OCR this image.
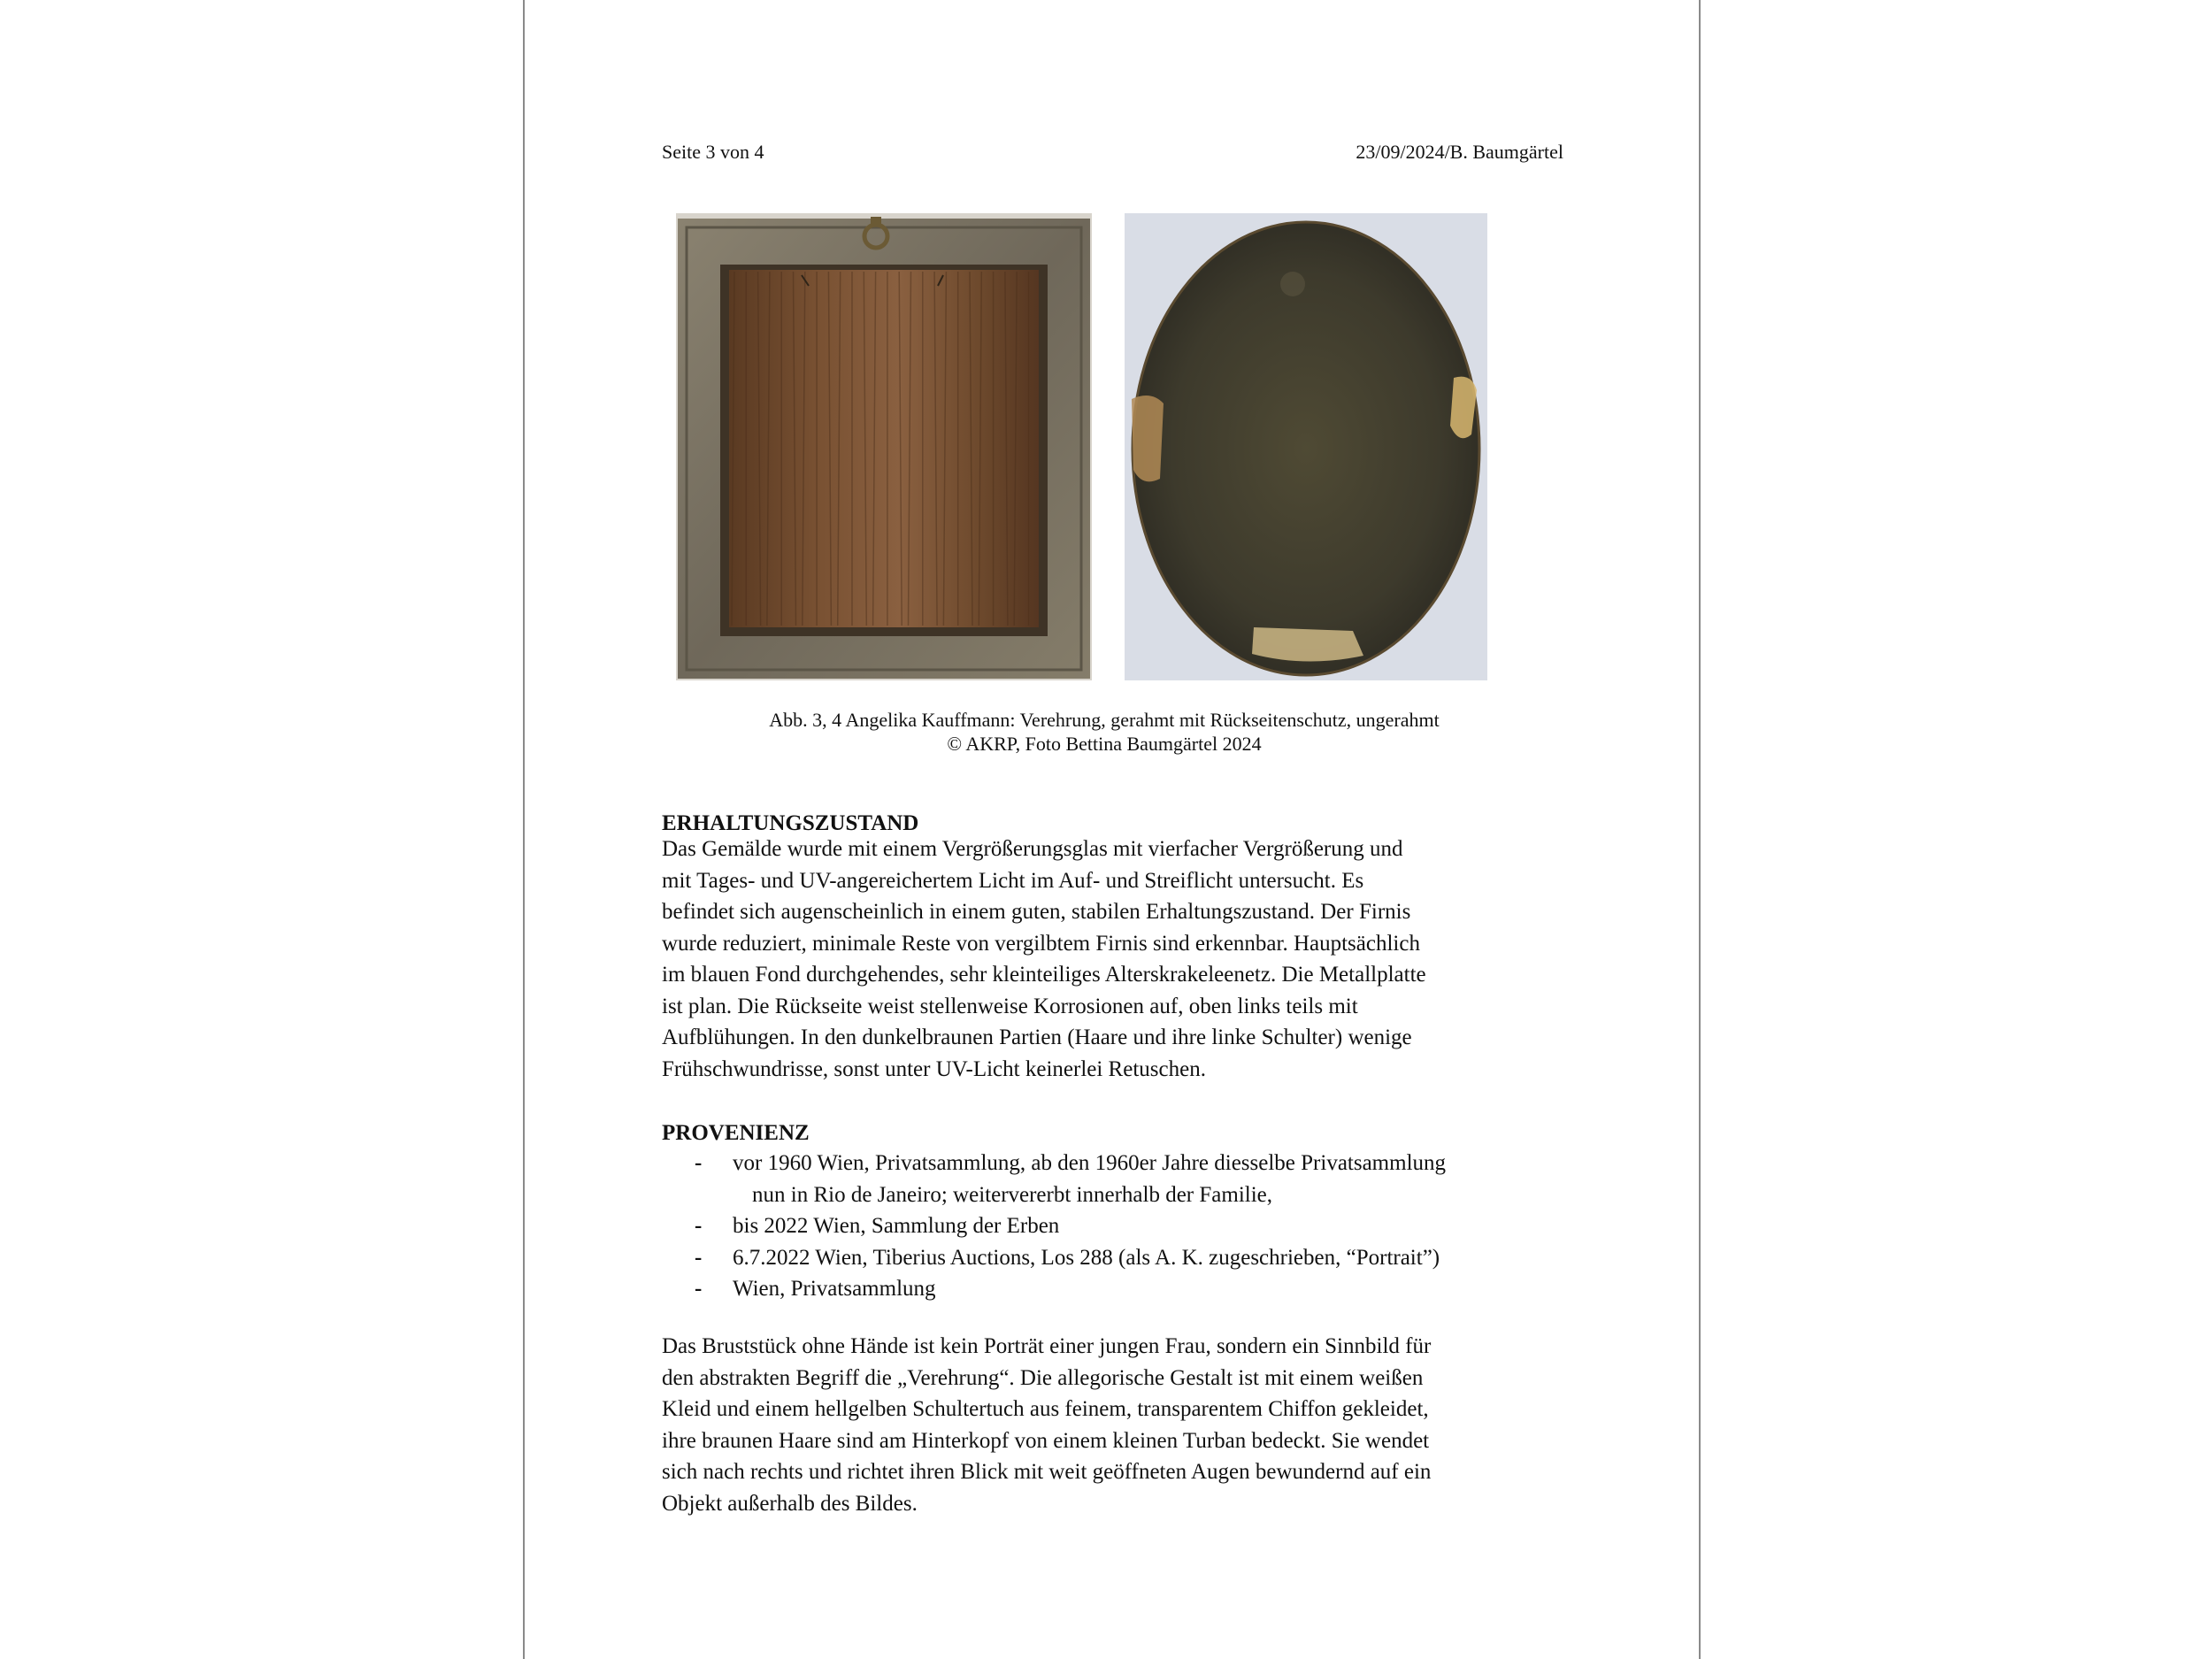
Seite 3 von 4	23/09/2024/B. Baumgärtel
Abb. 3, 4 Angelika Kauffmann: Verehrung, gerahmt mit Rückseitenschutz, ungerahmt
© AKRP, Foto Bettina Baumgärtel 2024
ERHALTUNGSZUSTAND
Das Gemälde wurde mit einem Vergrößerungsglas mit vierfacher Vergrößerung und
mit Tages- und UV-angereichertem Licht im Auf- und Streiflicht untersucht. Es
befindet sich augenscheinlich in einem guten, stabilen Erhaltungszustand. Der Firnis
wurde reduziert, minimale Reste von vergilbtem Firnis sind erkennbar. Hauptsächlich
im blauen Fond durchgehendes, sehr kleinteiliges Alterskrakeleenetz. Die Metallplatte
ist plan. Die Rückseite weist stellenweise Korrosionen auf, oben links teils mit
Aufblühungen. In den dunkelbraunen Partien (Haare und ihre linke Schulter) wenige
Frühschwundrisse, sonst unter UV-Licht keinerlei Retuschen.
PROVENIENZ
- vor 1960 Wien, Privatsammlung, ab den 1960er Jahre diesselbe Privatsammlung
nun in Rio de Janeiro; weitervererbt innerhalb der Familie,
- bis 2022 Wien, Sammlung der Erben
- 6.7.2022 Wien, Tiberius Auctions, Los 288 (als A. K. zugeschrieben, “Portrait”)
- Wien, Privatsammlung
Das Bruststück ohne Hände ist kein Porträt einer jungen Frau, sondern ein Sinnbild für
den abstrakten Begriff die „Verehrung“. Die allegorische Gestalt ist mit einem weißen
Kleid und einem hellgelben Schultertuch aus feinem, transparentem Chiffon gekleidet,
ihre braunen Haare sind am Hinterkopf von einem kleinen Turban bedeckt. Sie wendet
sich nach rechts und richtet ihren Blick mit weit geöffneten Augen bewundernd auf ein
Objekt außerhalb des Bildes.
